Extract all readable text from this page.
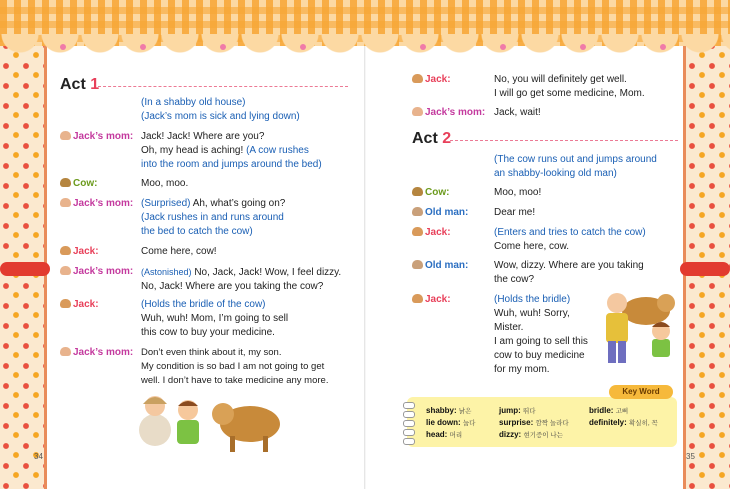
Act 1
(In a shabby old house)
(Jack’s mom is sick and lying down)
Jack’s mom: Jack! Jack! Where are you?
Oh, my head is aching! (A cow rushes
into the room and jumps around the bed)
Cow:	Moo, moo.
Jack’s mom: (Surprised) Ah, what’s going on?
(Jack rushes in and runs around
the bed to catch the cow)
Jack:	Come here, cow!
Jack’s mom: (Astonished) No, Jack, Jack! Wow, I feel dizzy.
No, Jack! Where are you taking the cow?
Jack:	(Holds the bridle of the cow)
Wuh, wuh! Mom, I’m going to sell
this cow to buy your medicine.
Jack’s mom: Don’t even think about it, my son.
My condition is so bad I am not going to get
well. I don’t have to take medicine any more.
34
Jack:	No, you will definitely get well.
I will go get some medicine, Mom.
Jack’s mom: Jack, wait!
Act 2
(The cow runs out and jumps around
an shabby-looking old man)
Cow:	Moo, moo!
Old man:	Dear me!
Jack:	(Enters and tries to catch the cow)
Come here, cow.
Old man:	Wow, dizzy. Where are you taking
the cow?
Jack:	(Holds the bridle)
Wuh, wuh! Sorry,
Mister.
I am going to sell this
cow to buy medicine
for my mom.
Key Word
shabby: 낡은
lie down: 눕다
head: 머리
jump: 뛰다
surprise: 깜짝 놀라다
dizzy: 현기증이 나는
bridle: 고삐
definitely: 확실히, 꼭
35
